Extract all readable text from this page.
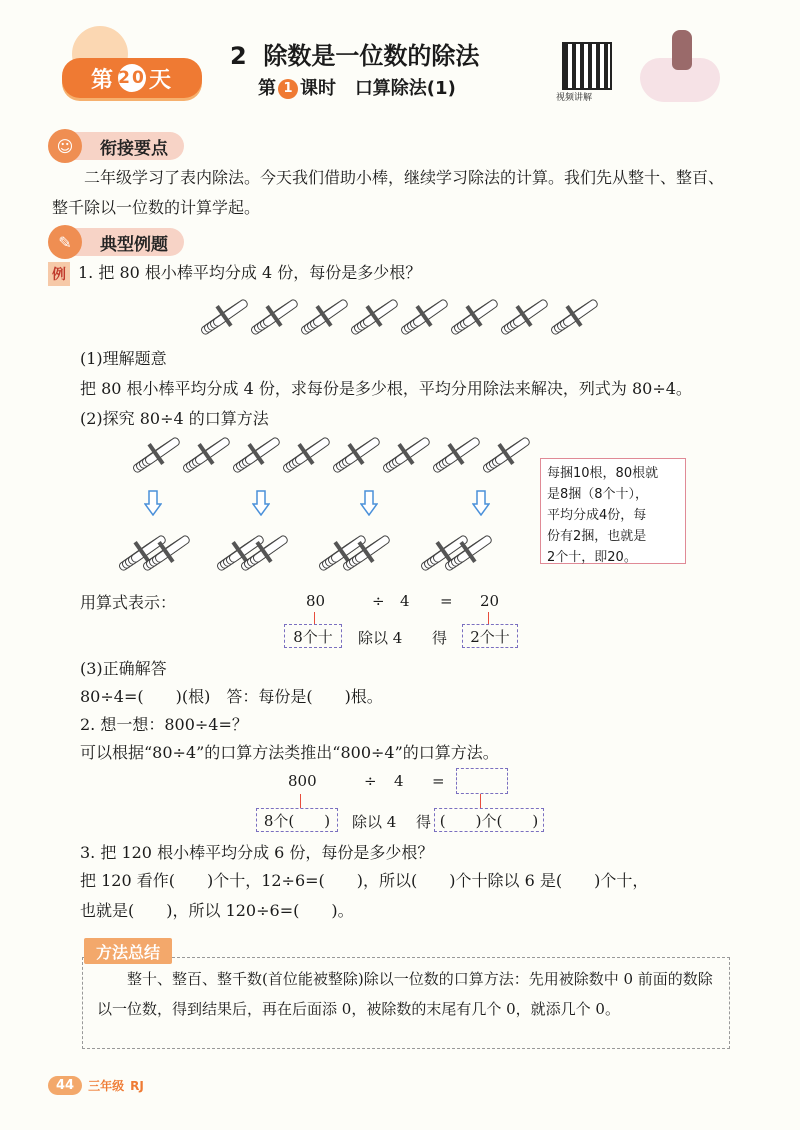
第 20 天
2 除数是一位数的除法
第 1 课时 口算除法(1)	视频讲解
☺	衔接要点
二年级学习了表内除法。今天我们借助小棒，继续学习除法的计算。我们先从整十、整百、整千除以一位数的计算学起。
✎	典型例题
例 1. 把 80 根小棒平均分成 4 份，每份是多少根？
(1)理解题意
把 80 根小棒平均分成 4 份，求每份是多少根，平均分用除法来解决，列式为 80÷4。
(2)探究 80÷4 的口算方法
每捆10根，80根就
是8捆（8个十），
平均分成4份，每
份有2捆，也就是
2个十，即20。
用算式表示：	80	÷ 4 = 20
8个十	除以 4 得	2个十
(3)正确解答
80÷4=(　　)(根)　答：每份是(　　)根。
2. 想一想：800÷4=？
可以根据“80÷4”的口算方法类推出“800÷4”的口算方法。
800	÷ 4 =
8个(　　)	除以 4 得 (　　)个(　　)
3. 把 120 根小棒平均分成 6 份，每份是多少根？
把 120 看作(　　)个十，12÷6=(　　)，所以(　　)个十除以 6 是(　　)个十，
也就是(　　)，所以 120÷6=(　　)。
整十、整百、整千数(首位能被整除)除以一位数的口算方法：先用被除数中 0 前面的数除以一位数，得到结果后，再在后面添 0，被除数的末尾有几个 0，就添几个 0。
方法总结
44	三年级 RJ
